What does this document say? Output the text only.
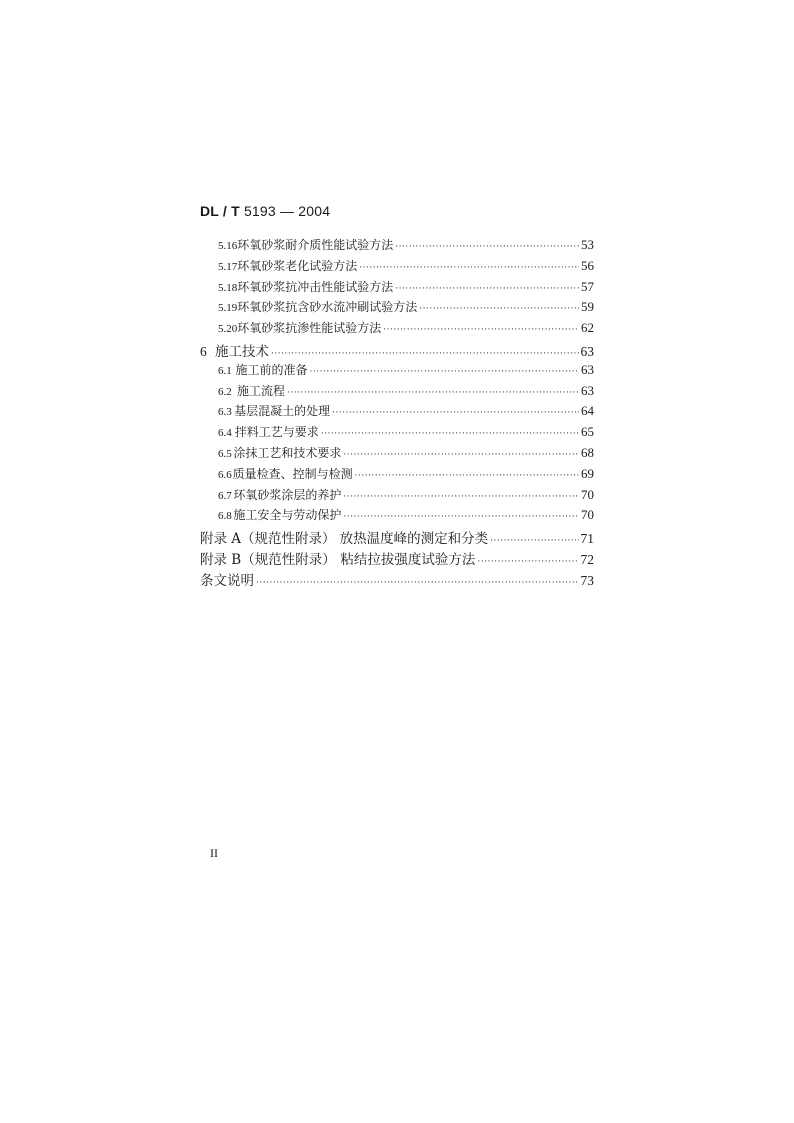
DL / T 5193 — 2004
5.16 环氧砂浆耐介质性能试验方法 ·····	53
5.17 环氧砂浆老化试验方法 ·····	56
5.18 环氧砂浆抗冲击性能试验方法 ·····	57
5.19 环氧砂浆抗含砂水流冲刷试验方法 ·····	59
5.20 环氧砂浆抗渗性能试验方法 ·····	62
6 施工技术 ·····	63
6.1 施工前的准备 ·····	63
6.2 施工流程 ·····	63
6.3 基层混凝土的处理 ·····	64
6.4 拌料工艺与要求 ·····	65
6.5 涂抹工艺和技术要求 ·····	68
6.6 质量检查、控制与检测 ·····	69
6.7 环氧砂浆涂层的养护 ·····	70
6.8 施工安全与劳动保护 ·····	70
附录 A（规范性附录） 放热温度峰的测定和分类 ·····	71
附录 B（规范性附录） 粘结拉拔强度试验方法 ·····	72
条文说明 ·····	73
II
